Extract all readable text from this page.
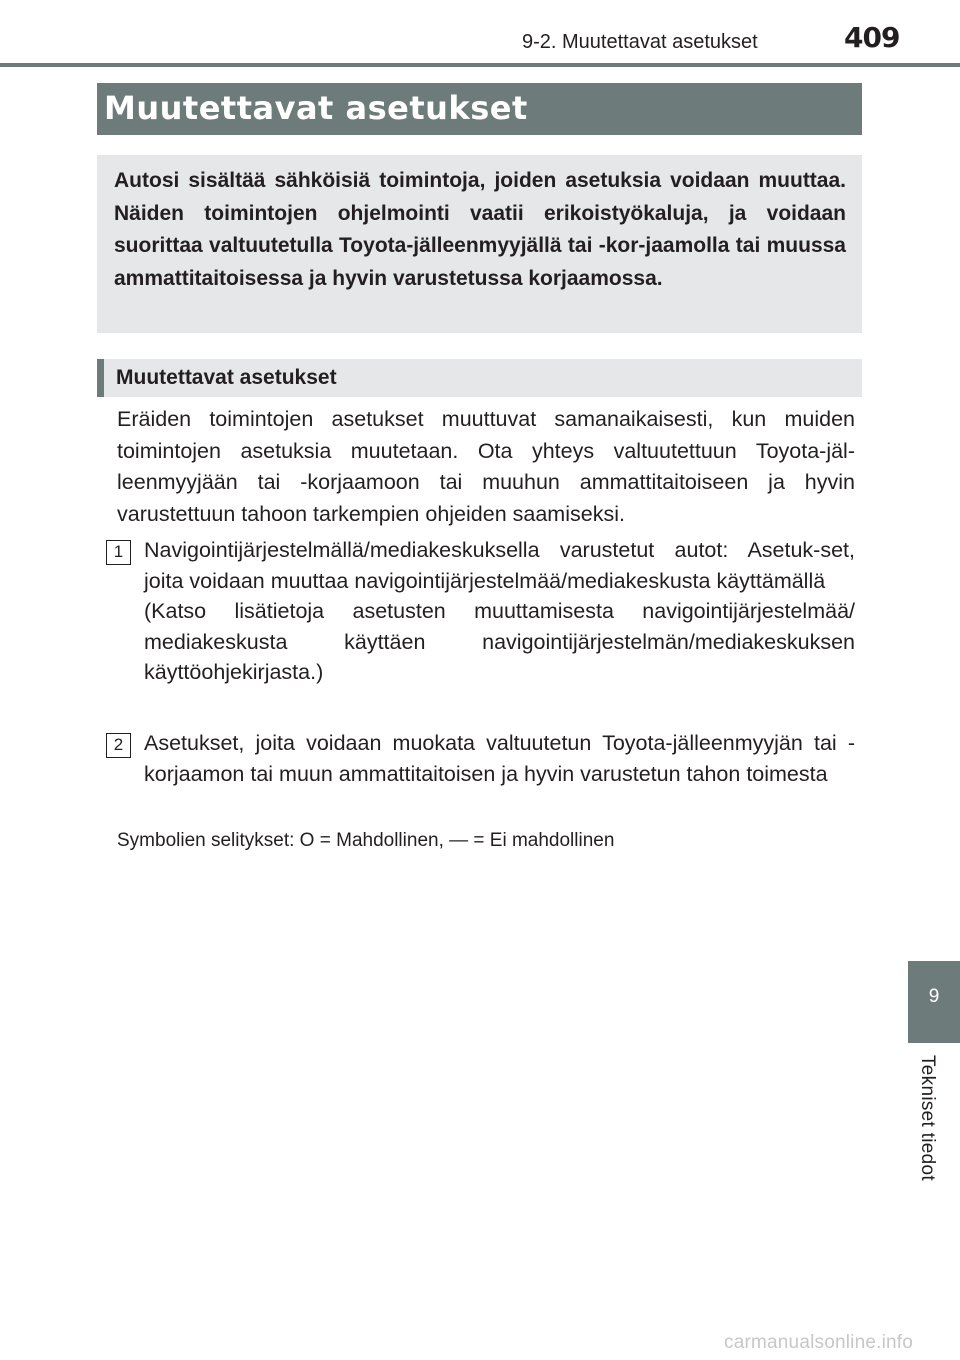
9-2. Muutettavat asetukset	409
Muutettavat asetukset

Autosi sisältää sähköisiä toimintoja, joiden asetuksia voidaan muuttaa. Näiden toimintojen ohjelmointi vaatii erikoistyökaluja, ja voidaan suorittaa valtuutetulla Toyota-jälleenmyyjällä tai -kor-jaamolla tai muussa ammattitaitoisessa ja hyvin varustetussa korjaamossa.

Muutettavat asetukset

Eräiden toimintojen asetukset muuttuvat samanaikaisesti, kun muiden toimintojen asetuksia muutetaan. Ota yhteys valtuutettuun Toyota-jäl-leenmyyjään tai -korjaamoon tai muuhun ammattitaitoiseen ja hyvin varustettuun tahoon tarkempien ohjeiden saamiseksi.

1 Navigointijärjestelmällä/mediakeskuksella varustetut autot: Asetuk-set, joita voidaan muuttaa navigointijärjestelmää/mediakeskusta käyttämällä

(Katso lisätietoja asetusten muuttamisesta navigointijärjestelmää/ mediakeskusta käyttäen navigointijärjestelmän/mediakeskuksen käyttöohjekirjasta.)

2 Asetukset, joita voidaan muokata valtuutetun Toyota-jälleenmyyjän tai -korjaamon tai muun ammattitaitoisen ja hyvin varustetun tahon toimesta

Symbolien selitykset: O = Mahdollinen, — = Ei mahdollinen
9
Tekniset tiedot
carmanualsonline.info
